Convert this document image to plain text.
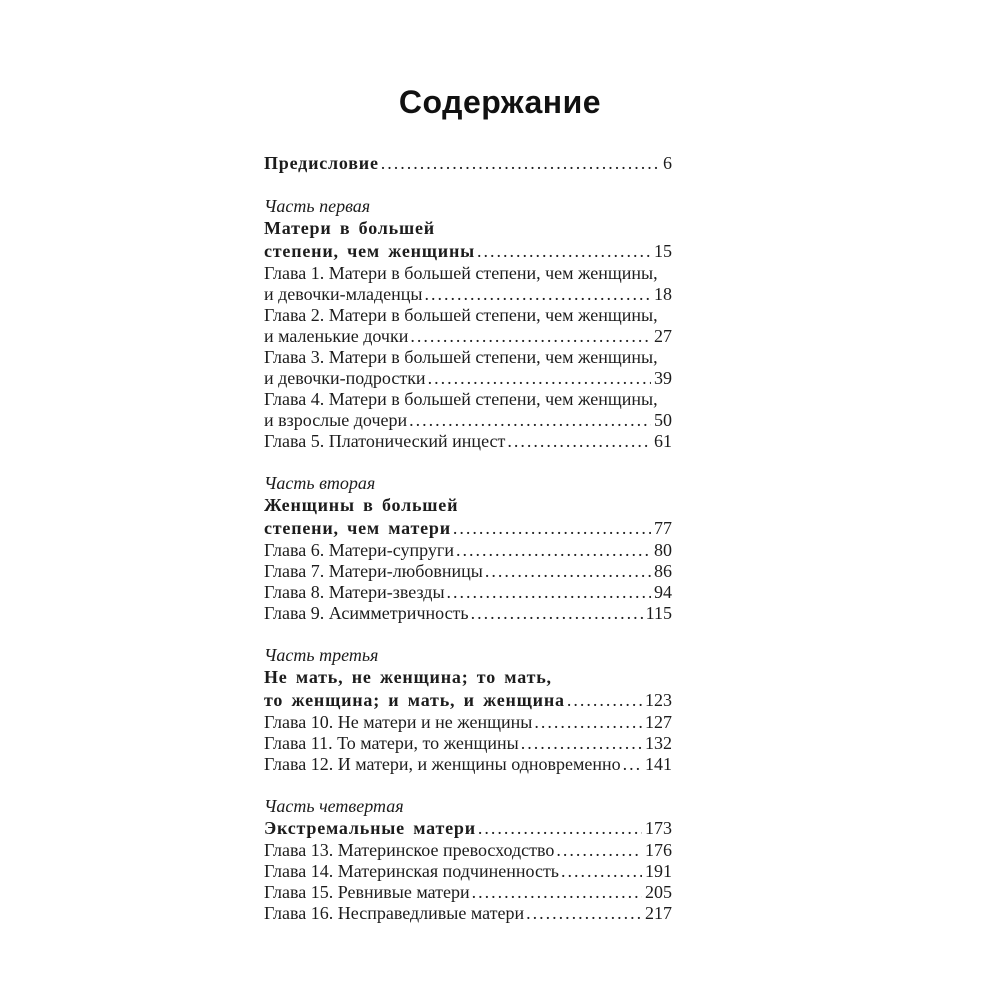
Содержание
Предисловие .....	6
Часть первая
Матери в большей
степени, чем женщины .....	15
Глава 1. Матери в большей степени, чем женщины,
и девочки-младенцы .....	18
Глава 2. Матери в большей степени, чем женщины,
и маленькие дочки .....	27
Глава 3. Матери в большей степени, чем женщины,
и девочки-подростки .....	39
Глава 4. Матери в большей степени, чем женщины,
и взрослые дочери .....	50
Глава 5. Платонический инцест .....	61
Часть вторая
Женщины в большей
степени, чем матери .....	77
Глава 6. Матери-супруги .....	80
Глава 7. Матери-любовницы .....	86
Глава 8. Матери-звезды .....	94
Глава 9. Асимметричность .....	115
Часть третья
Не мать, не женщина; то мать,
то женщина; и мать, и женщина .....	123
Глава 10. Не матери и не женщины .....	127
Глава 11. То матери, то женщины .....	132
Глава 12. И матери, и женщины одновременно ..... 141
Часть четвертая
Экстремальные матери .....	173
Глава 13. Материнское превосходство .....	176
Глава 14. Материнская подчиненность .....	191
Глава 15. Ревнивые матери .....	205
Глава 16. Несправедливые матери .....	217
